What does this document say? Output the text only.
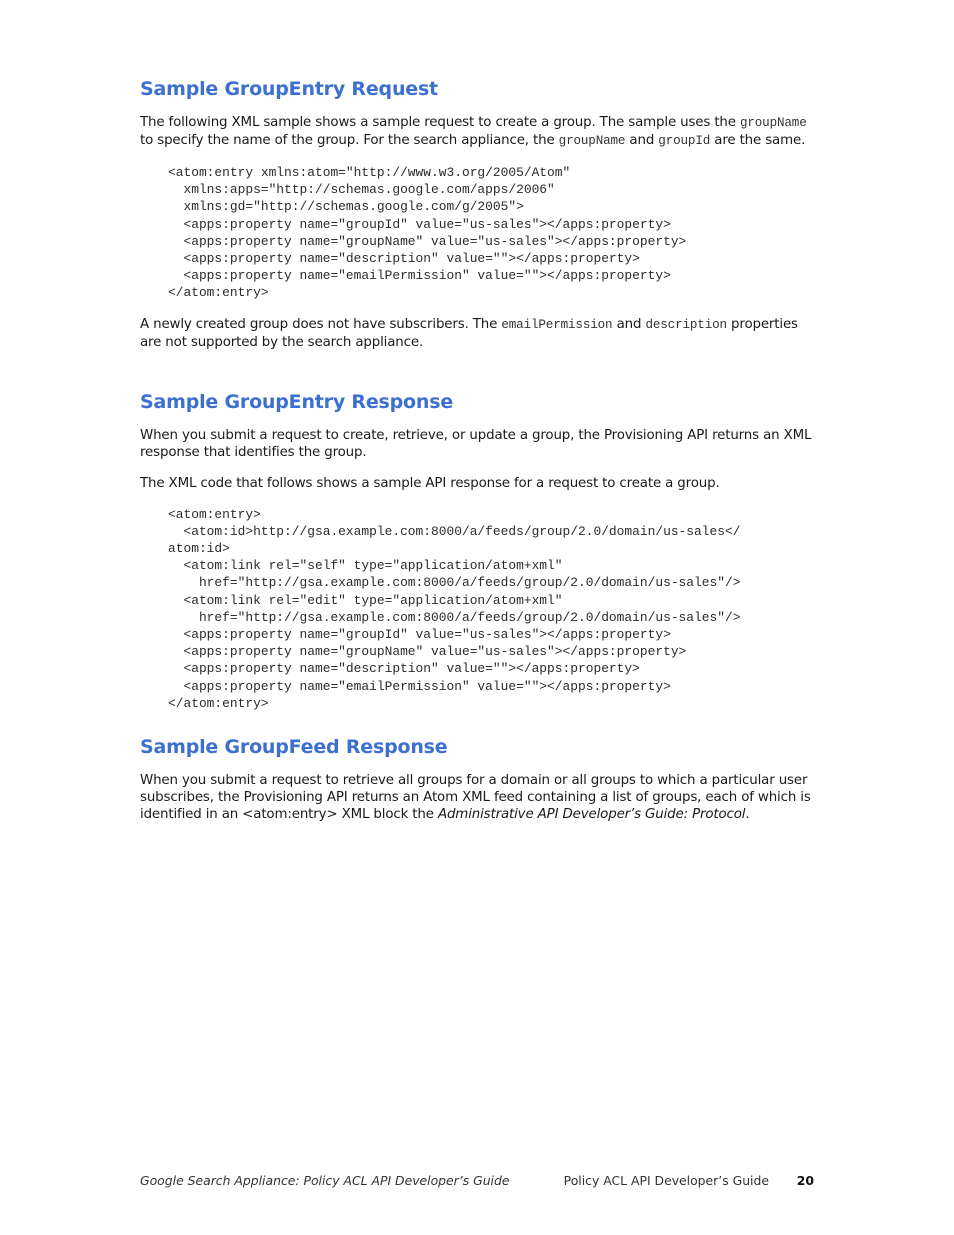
Sample GroupEntry Request

The following XML sample shows a sample request to create a group. The sample uses the groupName to specify the name of the group. For the search appliance, the groupName and groupId are the same.

<atom:entry xmlns:atom="http://www.w3.org/2005/Atom"
xmlns:apps="http://schemas.google.com/apps/2006"
xmlns:gd="http://schemas.google.com/g/2005">
<apps:property name="groupId" value="us-sales"></apps:property>
<apps:property name="groupName" value="us-sales"></apps:property>
<apps:property name="description" value=""></apps:property>
<apps:property name="emailPermission" value=""></apps:property>
</atom:entry>

A newly created group does not have subscribers. The emailPermission and description properties are not supported by the search appliance.

Sample GroupEntry Response

When you submit a request to create, retrieve, or update a group, the Provisioning API returns an XML response that identifies the group.

The XML code that follows shows a sample API response for a request to create a group.

<atom:entry>
<atom:id>http://gsa.example.com:8000/a/feeds/group/2.0/domain/us-sales</
atom:id>
<atom:link rel="self" type="application/atom+xml"
href="http://gsa.example.com:8000/a/feeds/group/2.0/domain/us-sales"/>
<atom:link rel="edit" type="application/atom+xml"
href="http://gsa.example.com:8000/a/feeds/group/2.0/domain/us-sales"/>
<apps:property name="groupId" value="us-sales"></apps:property>
<apps:property name="groupName" value="us-sales"></apps:property>
<apps:property name="description" value=""></apps:property>
<apps:property name="emailPermission" value=""></apps:property>
</atom:entry>
Sample GroupFeed Response

When you submit a request to retrieve all groups for a domain or all groups to which a particular user subscribes, the Provisioning API returns an Atom XML feed containing a list of groups, each of which is identified in an <atom:entry> XML block the Administrative API Developer’s Guide: Protocol.

Google Search Appliance: Policy ACL API Developer’s Guide	Policy ACL API Developer’s Guide 20
